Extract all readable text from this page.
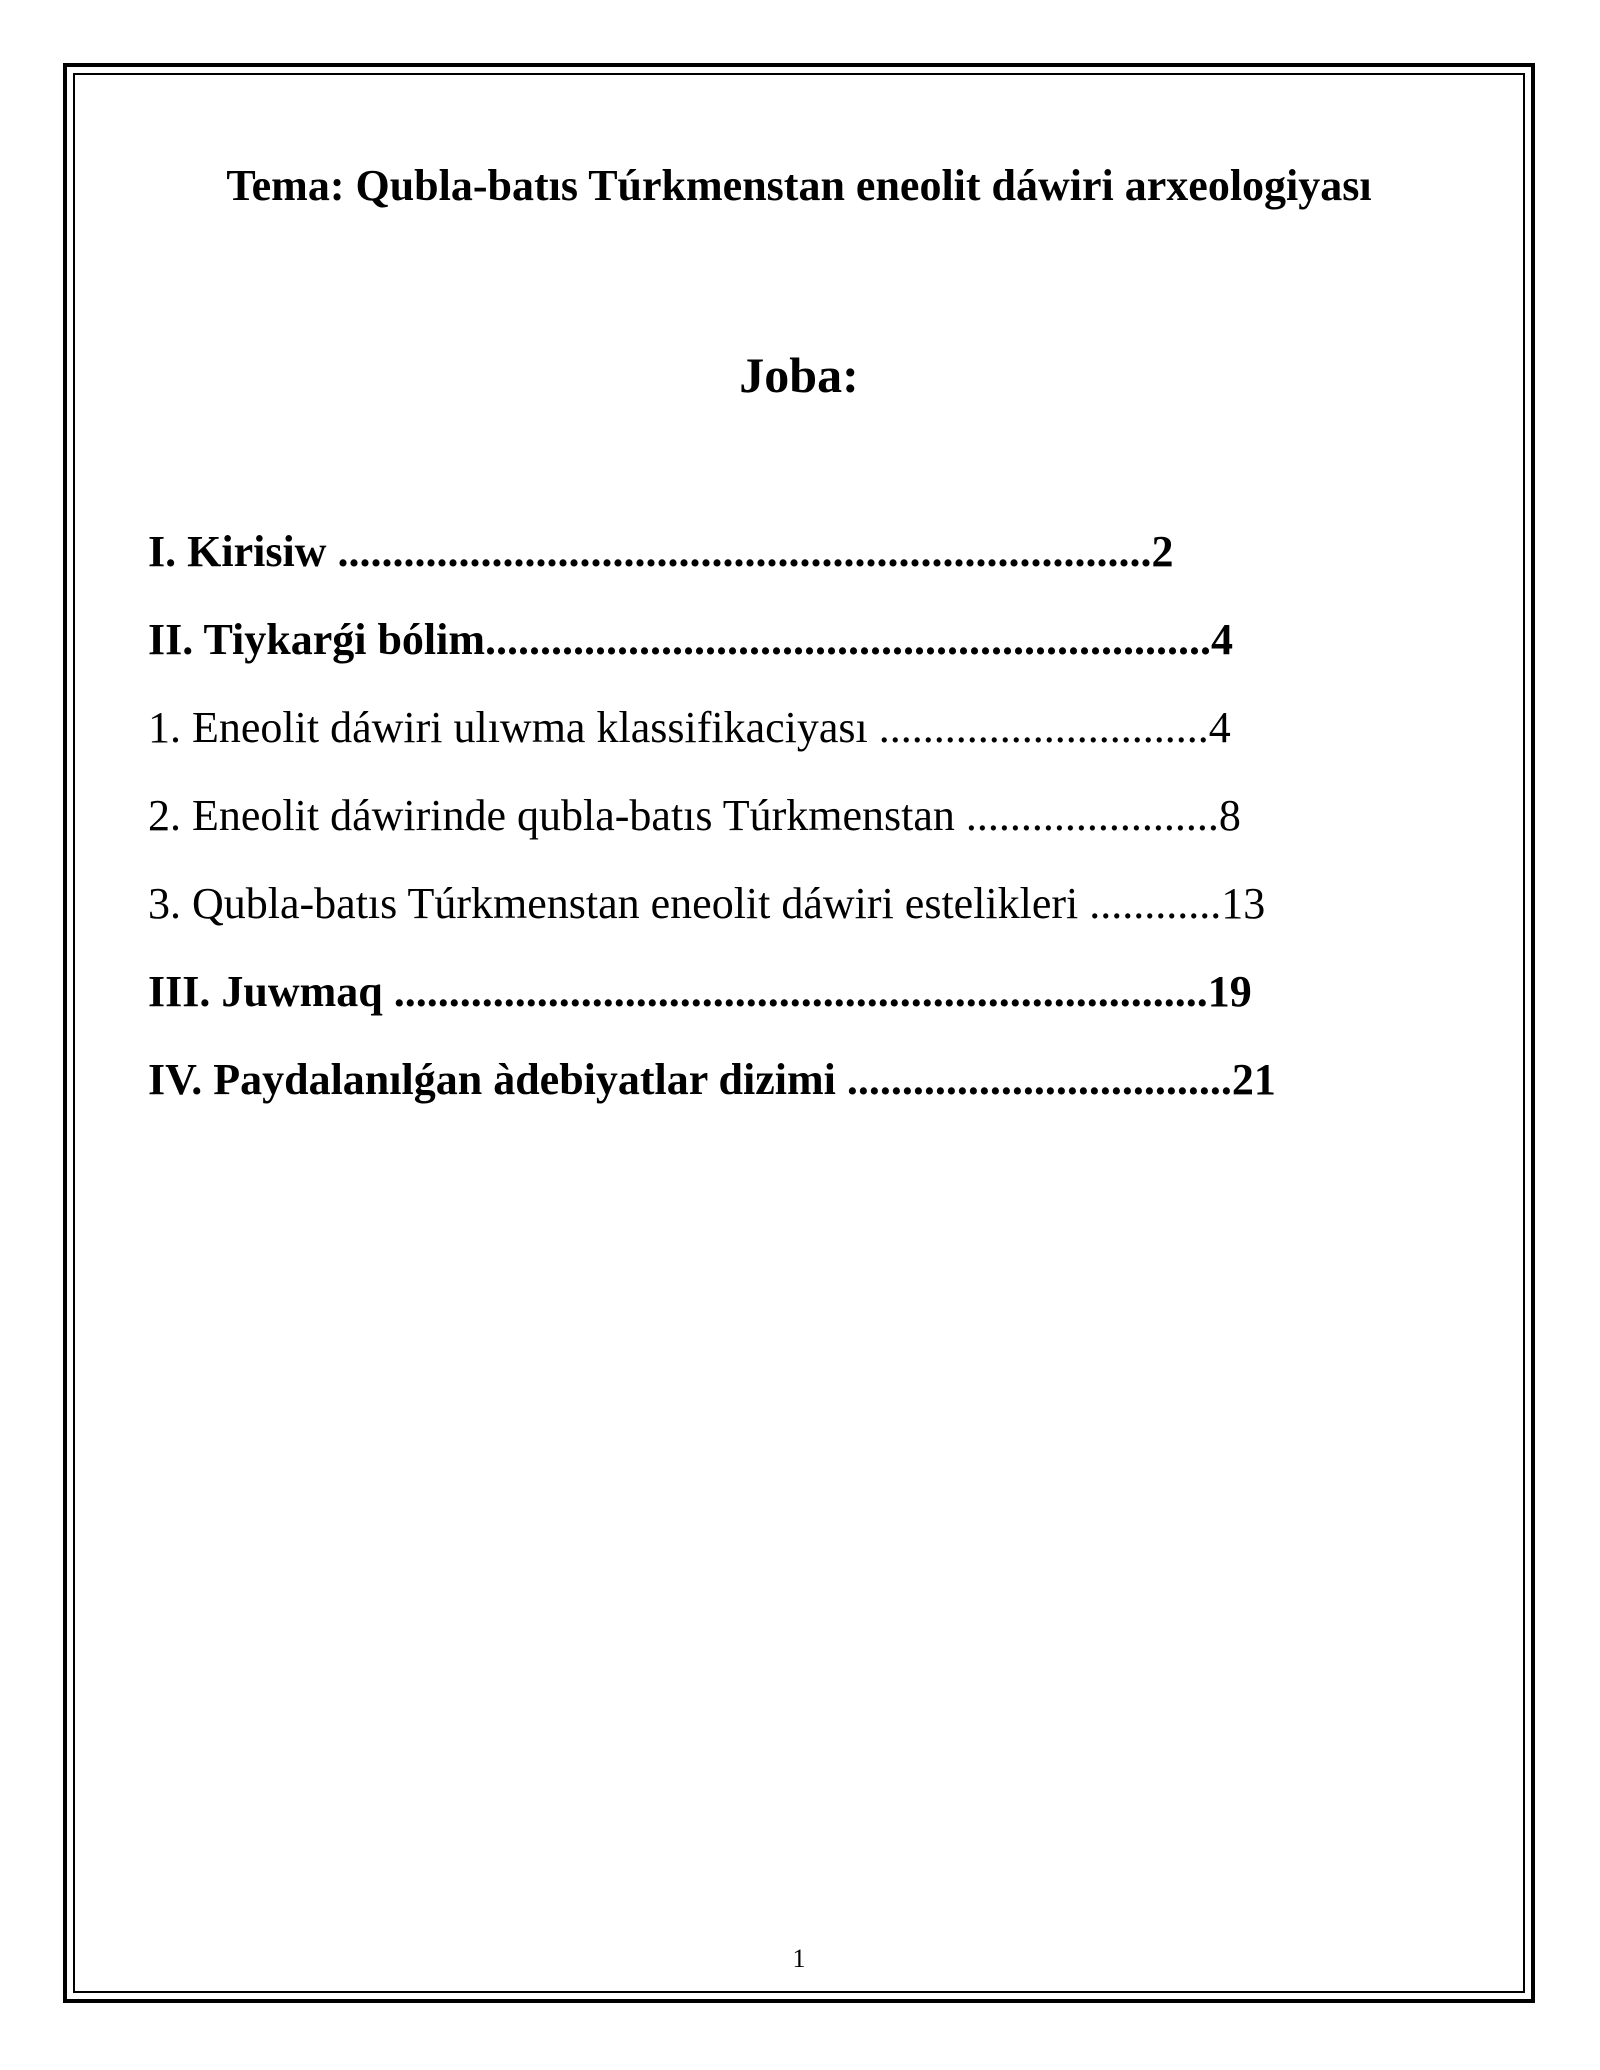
Tema: Qubla-batıs Túrkmenstan eneolit dáwiri arxeologiyası
Joba:
I. Kirisiw ..........................................................................2
II. Tiykarǵi bólim..................................................................4
1. Eneolit dáwiri ulıwma klassifikaciyası ..............................4
2. Eneolit dáwirinde qubla-batıs Túrkmenstan .......................8
3. Qubla-batıs Túrkmenstan eneolit dáwiri estelikleri ............13
III. Juwmaq ..........................................................................19
IV. Paydalanılǵan àdebiyatlar dizimi ...................................21
1
